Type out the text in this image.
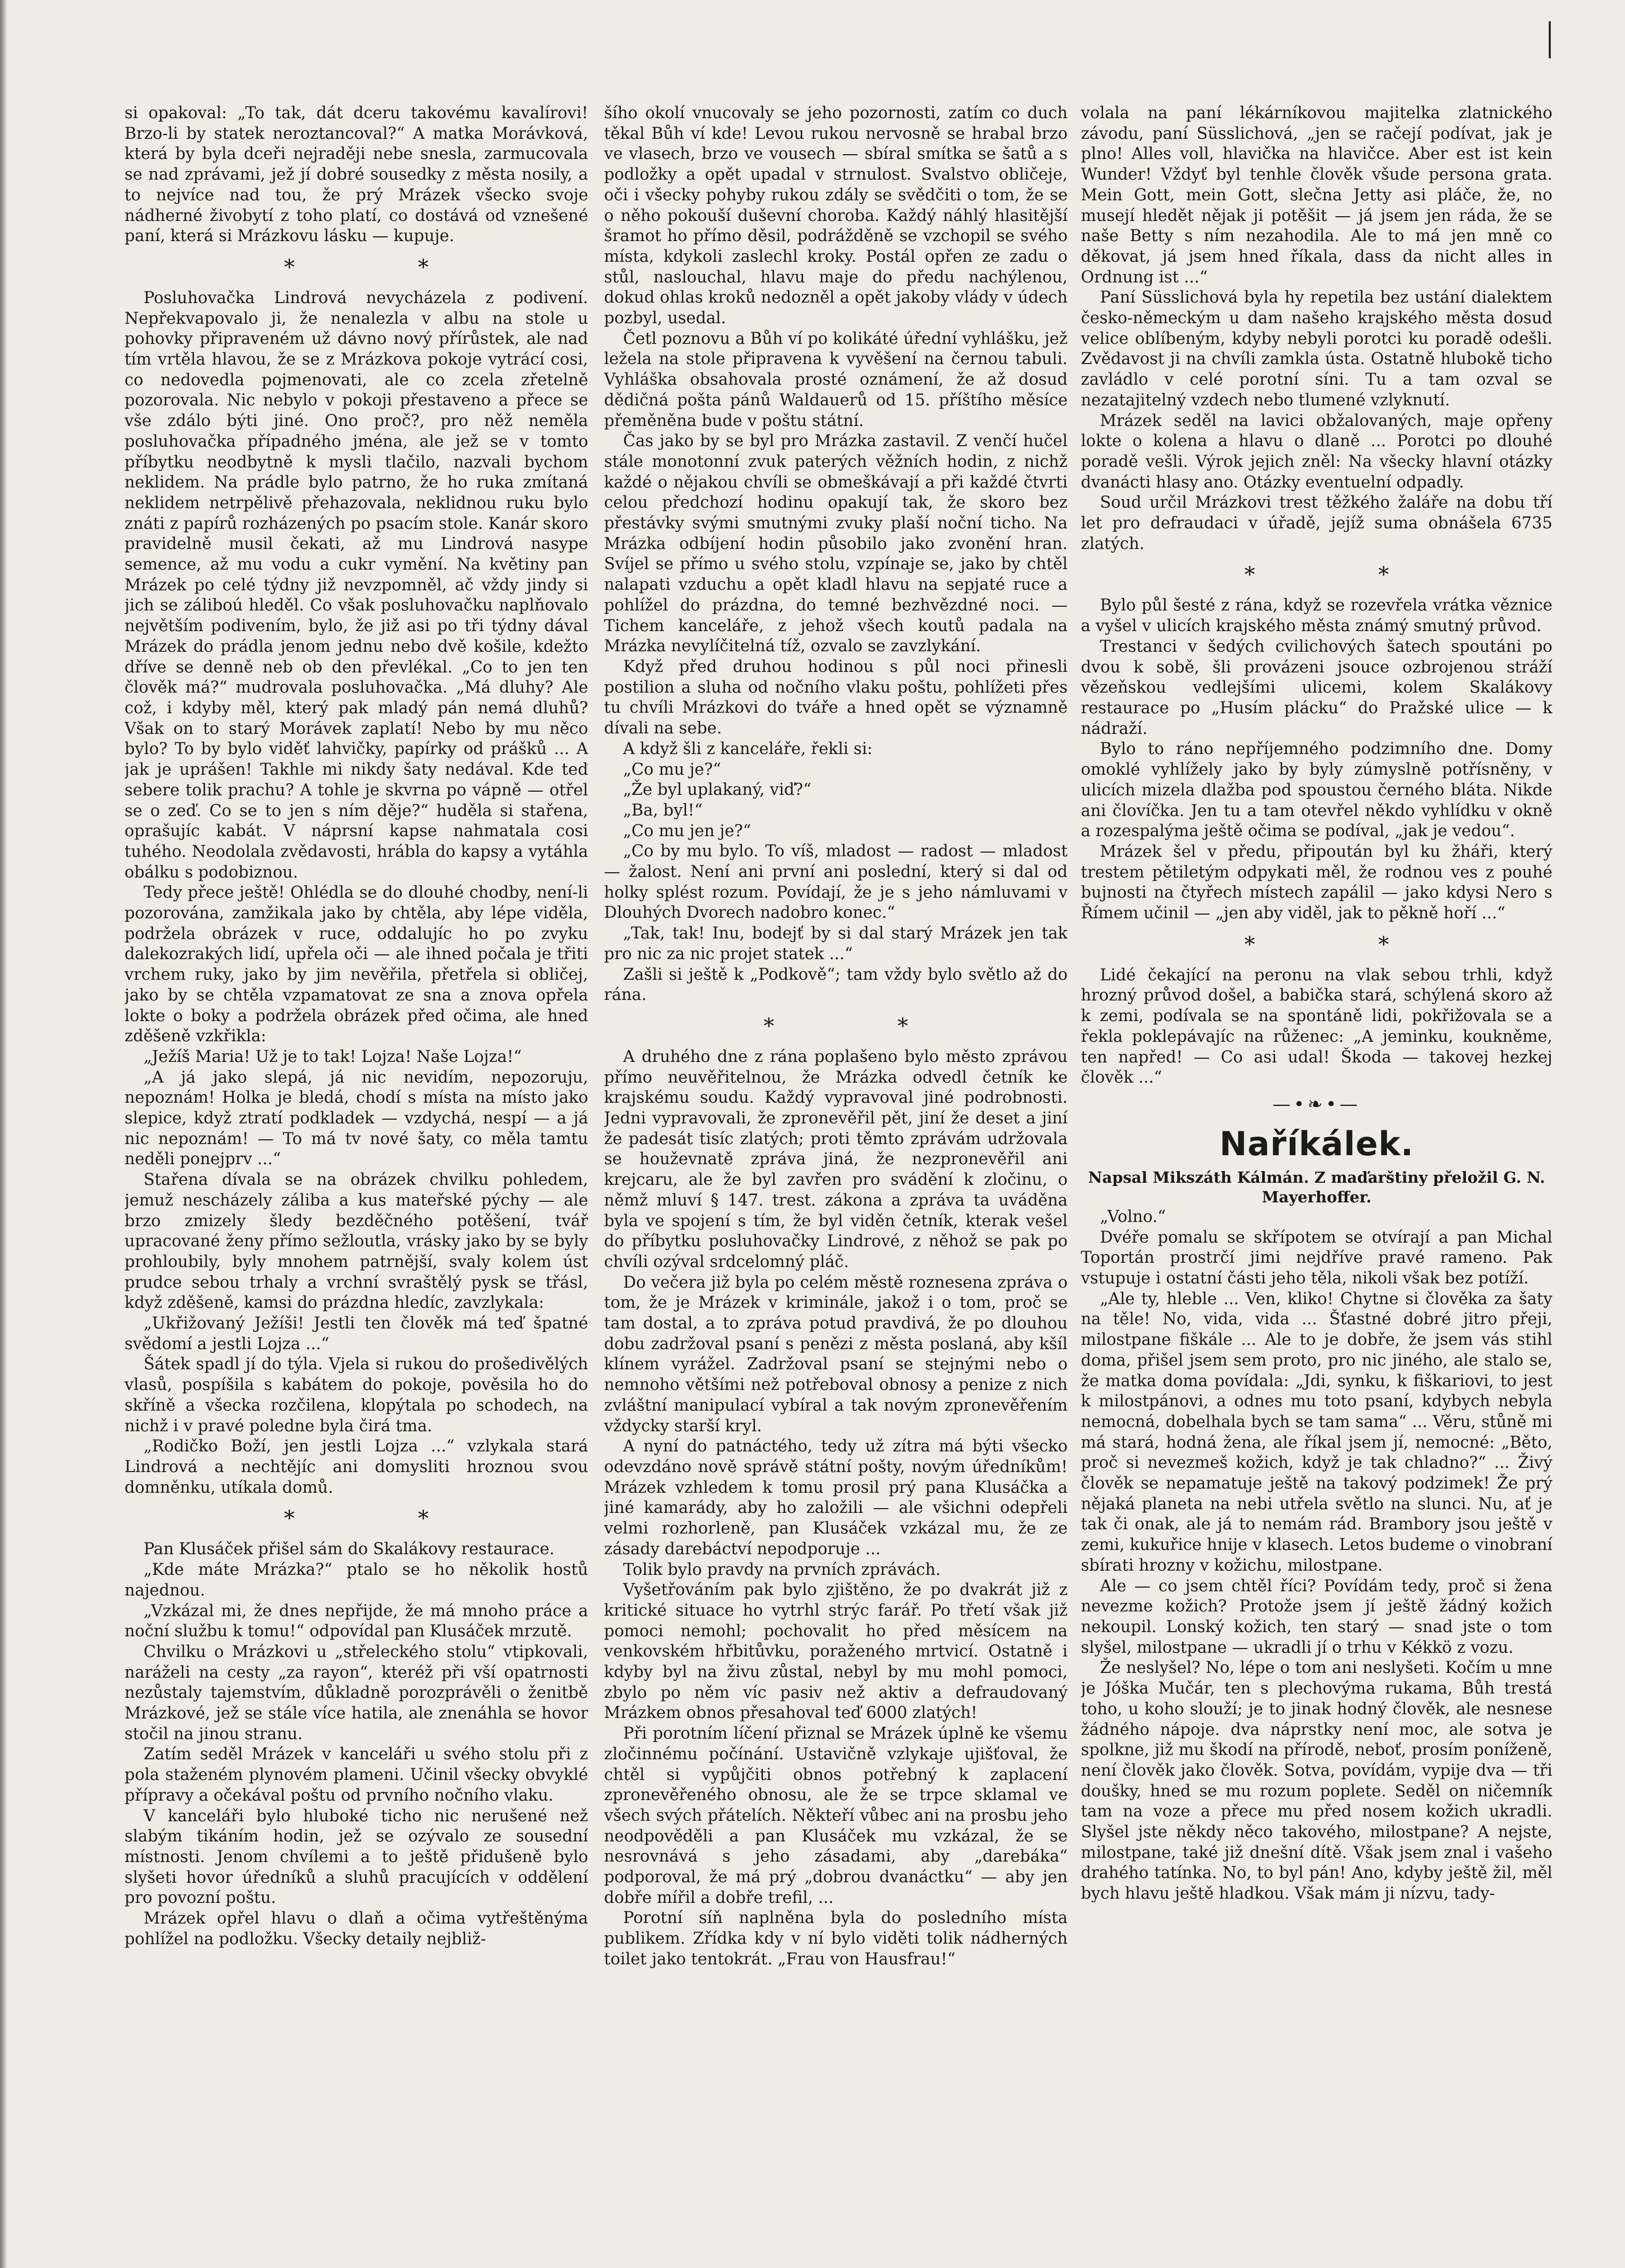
si opakoval: „To tak, dát dceru takovému kavalírovi! Brzo-li by statek neroztancoval?“ A matka Morávková, která by byla dceři nejraději nebe snesla, zarmucovala se nad zprávami, jež jí dobré sousedky z města nosily, a to nejvíce nad tou, že prý Mrázek všecko svoje nádherné živobytí z toho platí, co dostává od vznešené paní, která si Mrázkovu lásku — kupuje.

* *

Posluhovačka Lindrová nevycházela z podivení. Nepřekvapovalo ji, že nenalezla v albu na stole u pohovky připraveném už dávno nový přírůstek, ale nad tím vrtěla hlavou, že se z Mrázkova pokoje vytrácí cosi, co nedovedla pojmenovati, ale co zcela zřetelně pozorovala. Nic nebylo v pokoji přestaveno a přece se vše zdálo býti jiné. Ono proč?, pro něž neměla posluhovačka případného jména, ale jež se v tomto příbytku neodbytně k mysli tlačilo, nazvali bychom neklidem. Na prádle bylo patrno, že ho ruka zmítaná neklidem netrpělivě přehazovala, neklidnou ruku bylo znáti z papírů rozházených po psacím stole. Kanár skoro pravidelně musil čekati, až mu Lindrová nasype semence, až mu vodu a cukr vymění. Na květiny pan Mrázek po celé týdny již nevzpomněl, ač vždy jindy si jich se záliboú hleděl. Co však posluhovačku naplňovalo největším podivením, bylo, že již asi po tři týdny dával Mrázek do prádla jenom jednu nebo dvě košile, kdežto dříve se denně neb ob den převlékal. „Co to jen ten člověk má?“ mudrovala posluhovačka. „Má dluhy? Ale což, i kdyby měl, který pak mladý pán nemá dluhů? Však on to starý Morávek zaplatí! Nebo by mu něco bylo? To by bylo viděť lahvičky, papírky od prášků ... A jak je uprášen! Takhle mi nikdy šaty nedával. Kde teď sebere tolik prachu? A tohle je skvrna po vápně — otřel se o zeď. Co se to jen s ním děje?“ huděla si stařena, oprašujíc kabát. V náprsní kapse nahmatala cosi tuhého. Neodolala zvědavosti, hrábla do kapsy a vytáhla obálku s podobiznou.

Tedy přece ještě! Ohlédla se do dlouhé chodby, není-li pozorována, zamžikala jako by chtěla, aby lépe viděla, podržela obrázek v ruce, oddalujíc ho po zvyku dalekozrakých lidí, upřela oči — ale ihned počala je třiti vrchem ruky, jako by jim nevěřila, přetřela si obličej, jako by se chtěla vzpamatovat ze sna a znova opřela lokte o boky a podržela obrázek před očima, ale hned zděšeně vzkřikla:

„Ježíš Maria! Už je to tak! Lojza! Naše Lojza!“

„A já jako slepá, já nic nevidím, nepozoruju, nepoznám! Holka je bledá, chodí s místa na místo jako slepice, když ztratí podkladek — vzdychá, nespí — a já nic nepoznám! — To má tv nové šaty, co měla tamtu neděli ponejprv ...“

Stařena dívala se na obrázek chvilku pohledem, jemuž nescházely záliba a kus mateřské pýchy — ale brzo zmizely šledy bezděčného potěšení, tvář upracované ženy přímo sežloutla, vrásky jako by se byly prohloubily, byly mnohem patrnější, svaly kolem úst prudce sebou trhaly a vrchní svraštělý pysk se třásl, když zděšeně, kamsi do prázdna hledíc, zavzlykala:

„Ukřižovaný Ježíši! Jestli ten člověk má teď špatné svědomí a jestli Lojza ...“

Šátek spadl jí do týla. Vjela si rukou do prošedivělých vlasů, pospíšila s kabátem do pokoje, pověsila ho do skříně a všecka rozčilena, klopýtala po schodech, na nichž i v pravé poledne byla čirá tma.

„Rodičko Boží, jen jestli Lojza ...“ vzlykala stará Lindrová a nechtějíc ani domysliti hroznou svou domněnku, utíkala domů.

* *

Pan Klusáček přišel sám do Skalákovy restaurace.

„Kde máte Mrázka?“ ptalo se ho několik hostů najednou.

„Vzkázal mi, že dnes nepřijde, že má mnoho práce a noční službu k tomu!“ odpovídal pan Klusáček mrzutě.

Chvilku o Mrázkovi u „střeleckého stolu“ vtipkovali, naráželi na cesty „za rayon“, kteréž při vší opatrnosti nezůstaly tajemstvím, důkladně porozprávěli o ženitbě Mrázkové, jež se stále více hatila, ale znenáhla se hovor stočil na jinou stranu.

Zatím seděl Mrázek v kanceláři u svého stolu při z pola staženém plynovém plameni. Učinil všecky obvyklé přípravy a očekával poštu od prvního nočního vlaku.

V kanceláři bylo hluboké ticho nic nerušené než slabým tikáním hodin, jež se ozývalo ze sousední místnosti. Jenom chvílemi a to ještě přidušeně bylo slyšeti hovor úředníků a sluhů pracujících v oddělení pro povozní poštu.

Mrázek opřel hlavu o dlaň a očima vytřeštěnýma pohlížel na podložku. Všecky detaily nejbliž-

šího okolí vnucovaly se jeho pozornosti, zatím co duch těkal Bůh ví kde! Levou rukou nervosně se hrabal brzo ve vlasech, brzo ve vousech — sbíral smítka se šatů a s podložky a opět upadal v strnulost. Svalstvo obličeje, oči i všecky pohyby rukou zdály se svědčiti o tom, že se o něho pokouší duševní choroba. Každý náhlý hlasitější šramot ho přímo děsil, podrážděně se vzchopil se svého místa, kdykoli zaslechl kroky. Postál opřen ze zadu o stůl, naslouchal, hlavu maje do předu nachýlenou, dokud ohlas kroků nedozněl a opět jakoby vlády v údech pozbyl, usedal.

Četl poznovu a Bůh ví po kolikáté úřední vyhlášku, jež ležela na stole připravena k vyvěšení na černou tabuli. Vyhláška obsahovala prosté oznámení, že až dosud dědičná pošta pánů Waldauerů od 15. příštího měsíce přeměněna bude v poštu státní.

Čas jako by se byl pro Mrázka zastavil. Z venčí hučel stále monotonní zvuk paterých věžních hodin, z nichž každé o nějakou chvíli se obmeškávají a při každé čtvrti celou předchozí hodinu opakují tak, že skoro bez přestávky svými smutnými zvuky plaší noční ticho. Na Mrázka odbíjení hodin působilo jako zvonění hran. Svíjel se přímo u svého stolu, vzpínaje se, jako by chtěl nalapati vzduchu a opět kladl hlavu na sepjaté ruce a pohlížel do prázdna, do temné bezhvězdné noci. — Tichem kanceláře, z jehož všech koutů padala na Mrázka nevylíčitelná tíž, ozvalo se zavzlykání.

Když před druhou hodinou s půl noci přinesli postilion a sluha od nočního vlaku poštu, pohlížeti přes tu chvíli Mrázkovi do tváře a hned opět se významně dívali na sebe.

A když šli z kanceláře, řekli si:

„Co mu je?“

„Že byl uplakaný, viď?“

„Ba, byl!“

„Co mu jen je?“

„Co by mu bylo. To víš, mladost — radost — mladost — žalost. Není ani první ani poslední, který si dal od holky splést rozum. Povídají, že je s jeho námluvami v Dlouhých Dvorech nadobro konec.“

„Tak, tak! Inu, bodejť by si dal starý Mrázek jen tak pro nic za nic projet statek ...“

Zašli si ještě k „Podkově“; tam vždy bylo světlo až do rána.

* *

A druhého dne z rána poplašeno bylo město zprávou přímo neuvěřitelnou, že Mrázka odvedl četník ke krajskému soudu. Každý vypravoval jiné podrobnosti. Jedni vypravovali, že zpronevěřil pět, jiní že deset a jiní že padesát tisíc zlatých; proti těmto zprávám udržovala se houževnatě zpráva jiná, že nezpronevěřil ani krejcaru, ale že byl zavřen pro svádění k zločinu, o němž mluví § 147. trest. zákona a zpráva ta uváděna byla ve spojení s tím, že byl viděn četník, kterak vešel do příbytku posluhovačky Lindrové, z něhož se pak po chvíli ozýval srdcelomný pláč.

Do večera již byla po celém městě roznesena zpráva o tom, že je Mrázek v kriminále, jakož i o tom, proč se tam dostal, a to zpráva potud pravdivá, že po dlouhou dobu zadržoval psaní s penězi z města poslaná, aby kšíl klínem vyrážel. Zadržoval psaní se stejnými nebo o nemnoho většími než potřeboval obnosy a penize z nich zvláštní manipulací vybíral a tak novým zpronevěřením vždycky starší kryl.

A nyní do patnáctého, tedy už zítra má býti všecko odevzdáno nově správě státní pošty, novým úředníkům! Mrázek vzhledem k tomu prosil prý pana Klusáčka a jiné kamarády, aby ho založili — ale všichni odepřeli velmi rozhorleně, pan Klusáček vzkázal mu, že ze zásady darebáctví nepodporuje ...

Tolik bylo pravdy na prvních zprávách.

Vyšetřováním pak bylo zjištěno, že po dvakrát již z kritické situace ho vytrhl strýc farář. Po třetí však již pomoci nemohl; pochovalit ho před měsícem na venkovském hřbitůvku, poraženého mrtvicí. Ostatně i kdyby byl na živu zůstal, nebyl by mu mohl pomoci, zbylo po něm víc pasiv než aktiv a defraudovaný Mrázkem obnos přesahoval teď 6000 zlatých!

Při porotním líčení přiznal se Mrázek úplně ke všemu zločinnému počínání. Ustavičně vzlykaje ujišťoval, že chtěl si vypůjčiti obnos potřebný k zaplacení zpronevěřeného obnosu, ale že se trpce sklamal ve všech svých přátelích. Někteří vůbec ani na prosbu jeho neodpověděli a pan Klusáček mu vzkázal, že se nesrovnává s jeho zásadami, aby „darebáka“ podporoval, že má prý „dobrou dvanáctku“ — aby jen dobře mířil a dobře trefil, ...

Porotní síň naplněna byla do posledního místa publikem. Zřídka kdy v ní bylo viděti tolik nádherných toilet jako tentokrát. „Frau von Hausfrau!“

volala na paní lékárníkovou majitelka zlatnického závodu, paní Süsslichová, „jen se račejí podívat, jak je plno! Alles voll, hlavička na hlavičce. Aber est ist kein Wunder! Vždyť byl tenhle člověk všude persona grata. Mein Gott, mein Gott, slečna Jetty asi pláče, že, no musejí hledět nějak ji potěšit — já jsem jen ráda, že se naše Betty s ním nezahodila. Ale to má jen mně co děkovat, já jsem hned říkala, dass da nicht alles in Ordnung ist ...“

Paní Süsslichová byla hy repetila bez ustání dialektem česko-německým u dam našeho krajského města dosud velice oblíbeným, kdyby nebyli porotci ku poradě odešli. Zvědavost ji na chvíli zamkla ústa. Ostatně hlubokě ticho zavládlo v celé porotní síni. Tu a tam ozval se nezatajitelný vzdech nebo tlumené vzlyknutí.

Mrázek seděl na lavici obžalovaných, maje opřeny lokte o kolena a hlavu o dlaně ... Porotci po dlouhé poradě vešli. Výrok jejich zněl: Na všecky hlavní otázky dvanácti hlasy ano. Otázky eventuelní odpadly.

Soud určil Mrázkovi trest těžkého žaláře na dobu tří let pro defraudaci v úřadě, jejíž suma obnášela 6735 zlatých.

* *

Bylo půl šesté z rána, když se rozevřela vrátka věznice a vyšel v ulicích krajského města známý smutný průvod.

Trestanci v šedých cvilichových šatech spoutáni po dvou k sobě, šli provázeni jsouce ozbrojenou stráží vězeňskou vedlejšími ulicemi, kolem Skalákovy restaurace po „Husím plácku“ do Pražské ulice — k nádraží.

Bylo to ráno nepříjemného podzimního dne. Domy omoklé vyhlížely jako by byly zúmyslně potřísněny, v ulicích mizela dlažba pod spoustou černého bláta. Nikde ani človíčka. Jen tu a tam otevřel někdo vyhlídku v okně a rozespalýma ještě očima se podíval, „jak je vedou“.

Mrázek šel v předu, připoután byl ku žháři, který trestem pětiletým odpykati měl, že rodnou ves z pouhé bujnosti na čtyřech místech zapálil — jako kdysi Nero s Římem učinil — „jen aby viděl, jak to pěkně hoří ...“

* *

Lidé čekající na peronu na vlak sebou trhli, když hrozný průvod došel, a babička stará, schýlená skoro až k zemi, podívala se na spontáně lidi, pokřižovala se a řekla poklepávajíc na růženec: „A jeminku, koukněme, ten napřed! — Co asi udal! Škoda — takovej hezkej člověk ...“

—•❧•—
Naříkálek.
Napsal Mikszáth Kálmán. Z maďarštiny přeložil G. N. Mayerhoffer.

„Volno.“

Dvéře pomalu se skřípotem se otvírají a pan Michal Toportán prostrčí jimi nejdříve pravé rameno. Pak vstupuje i ostatní části jeho těla, nikoli však bez potíží.

„Ale ty, hleble ... Ven, kliko! Chytne si člověka za šaty na těle! No, vida, vida ... Šťastné dobré jitro přeji, milostpane fiškále ... Ale to je dobře, že jsem vás stihl doma, přišel jsem sem proto, pro nic jiného, ale stalo se, že matka doma povídala: „Jdi, synku, k fiškariovi, to jest k milostpánovi, a odnes mu toto psaní, kdybych nebyla nemocná, dobelhala bych se tam sama“ ... Věru, stůně mi má stará, hodná žena, ale říkal jsem jí, nemocné: „Běto, proč si nevezmeš kožich, když je tak chladno?“ ... Živý člověk se nepamatuje ještě na takový podzimek! Že prý nějaká planeta na nebi utřela světlo na slunci. Nu, ať je tak či onak, ale já to nemám rád. Brambory jsou ještě v zemi, kukuřice hnije v klasech. Letos budeme o vinobraní sbírati hrozny v kožichu, milostpane.

Ale — co jsem chtěl říci? Povídám tedy, proč si žena nevezme kožich? Protože jsem jí ještě žádný kožich nekoupil. Lonský kožich, ten starý — snad jste o tom slyšel, milostpane — ukradli jí o trhu v Kékkö z vozu.

Že neslyšel? No, lépe o tom ani neslyšeti. Kočím u mne je Jóška Mučár, ten s plechovýma rukama, Bůh trestá toho, u koho slouží; je to jinak hodný člověk, ale nesnese žádného nápoje. dva náprstky není moc, ale sotva je spolkne, již mu škodí na přírodě, neboť, prosím poníženě, není člověk jako člověk. Sotva, povídám, vypije dva — tři doušky, hned se mu rozum poplete. Seděl on ničemník tam na voze a přece mu před nosem kožich ukradli. Slyšel jste někdy něco takového, milostpane? A nejste, milostpane, také již dnešní dítě. Však jsem znal i vašeho drahého tatínka. No, to byl pán! Ano, kdyby ještě žil, měl bych hlavu ještě hladkou. Však mám ji nízvu, tady-
